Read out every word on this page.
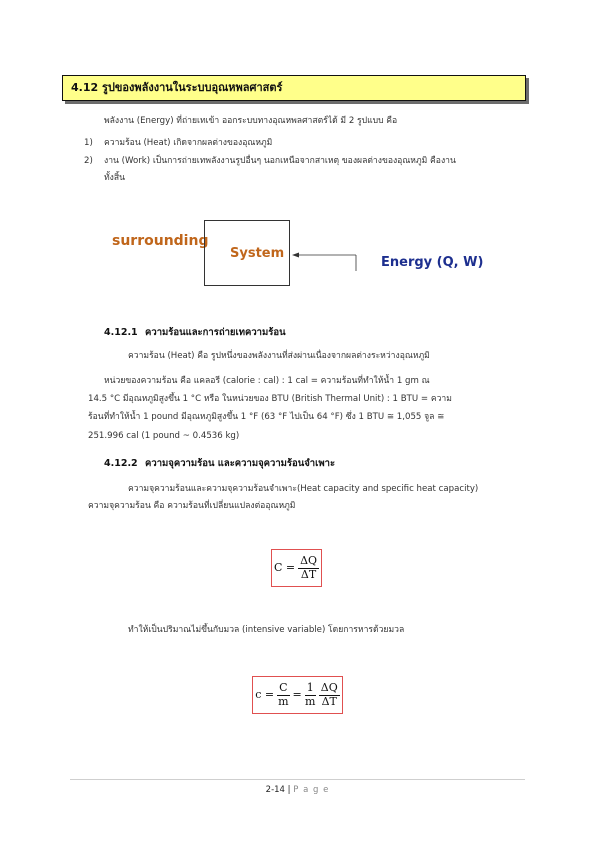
4.12 รูปของพลังงานในระบบอุณหพลศาสตร์
พลังงาน (Energy) ที่ถ่ายเทเข้า ออกระบบทางอุณหพลศาสตร์ได้ มี 2 รูปแบบ คือ
1) ความร้อน (Heat) เกิดจากผลต่างของอุณหภูมิ
2) งาน (Work) เป็นการถ่ายเทพลังงานรูปอื่นๆ นอกเหนือจากสาเหตุ ของผลต่างของอุณหภูมิ คืองาน
ทั้งสิ้น
surrounding
System
Energy (Q, W)
4.12.1 ความร้อนและการถ่ายเทความร้อน
ความร้อน (Heat) คือ รูปหนึ่งของพลังงานที่ส่งผ่านเนื่องจากผลต่างระหว่างอุณหภูมิ
หน่วยของความร้อน คือ แคลอรี (calorie : cal) : 1 cal = ความร้อนที่ทำให้น้ำ 1 gm ณ
14.5 °C มีอุณหภูมิสูงขึ้น 1 °C หรือ ในหน่วยของ BTU (British Thermal Unit) : 1 BTU = ความ
ร้อนที่ทำให้น้ำ 1 pound มีอุณหภูมิสูงขึ้น 1 °F (63 °F ไปเป็น 64 °F) ซึ่ง 1 BTU ≅ 1,055 จูล ≅
251.996 cal (1 pound ~ 0.4536 kg)
4.12.2 ความจุความร้อน และความจุความร้อนจำเพาะ
ความจุความร้อนและความจุความร้อนจำเพาะ(Heat capacity and specific heat capacity)
ความจุความร้อน คือ ความร้อนที่เปลี่ยนแปลงต่ออุณหภูมิ
$C = \frac{\Delta Q}{\Delta T}$
ทำให้เป็นปริมาณไม่ขึ้นกับมวล (intensive variable) โดยการหารด้วยมวล
$c = \frac{C}{m} = \frac{1}{m} \frac{\Delta Q}{\Delta T}$
2-14 | P a g e
